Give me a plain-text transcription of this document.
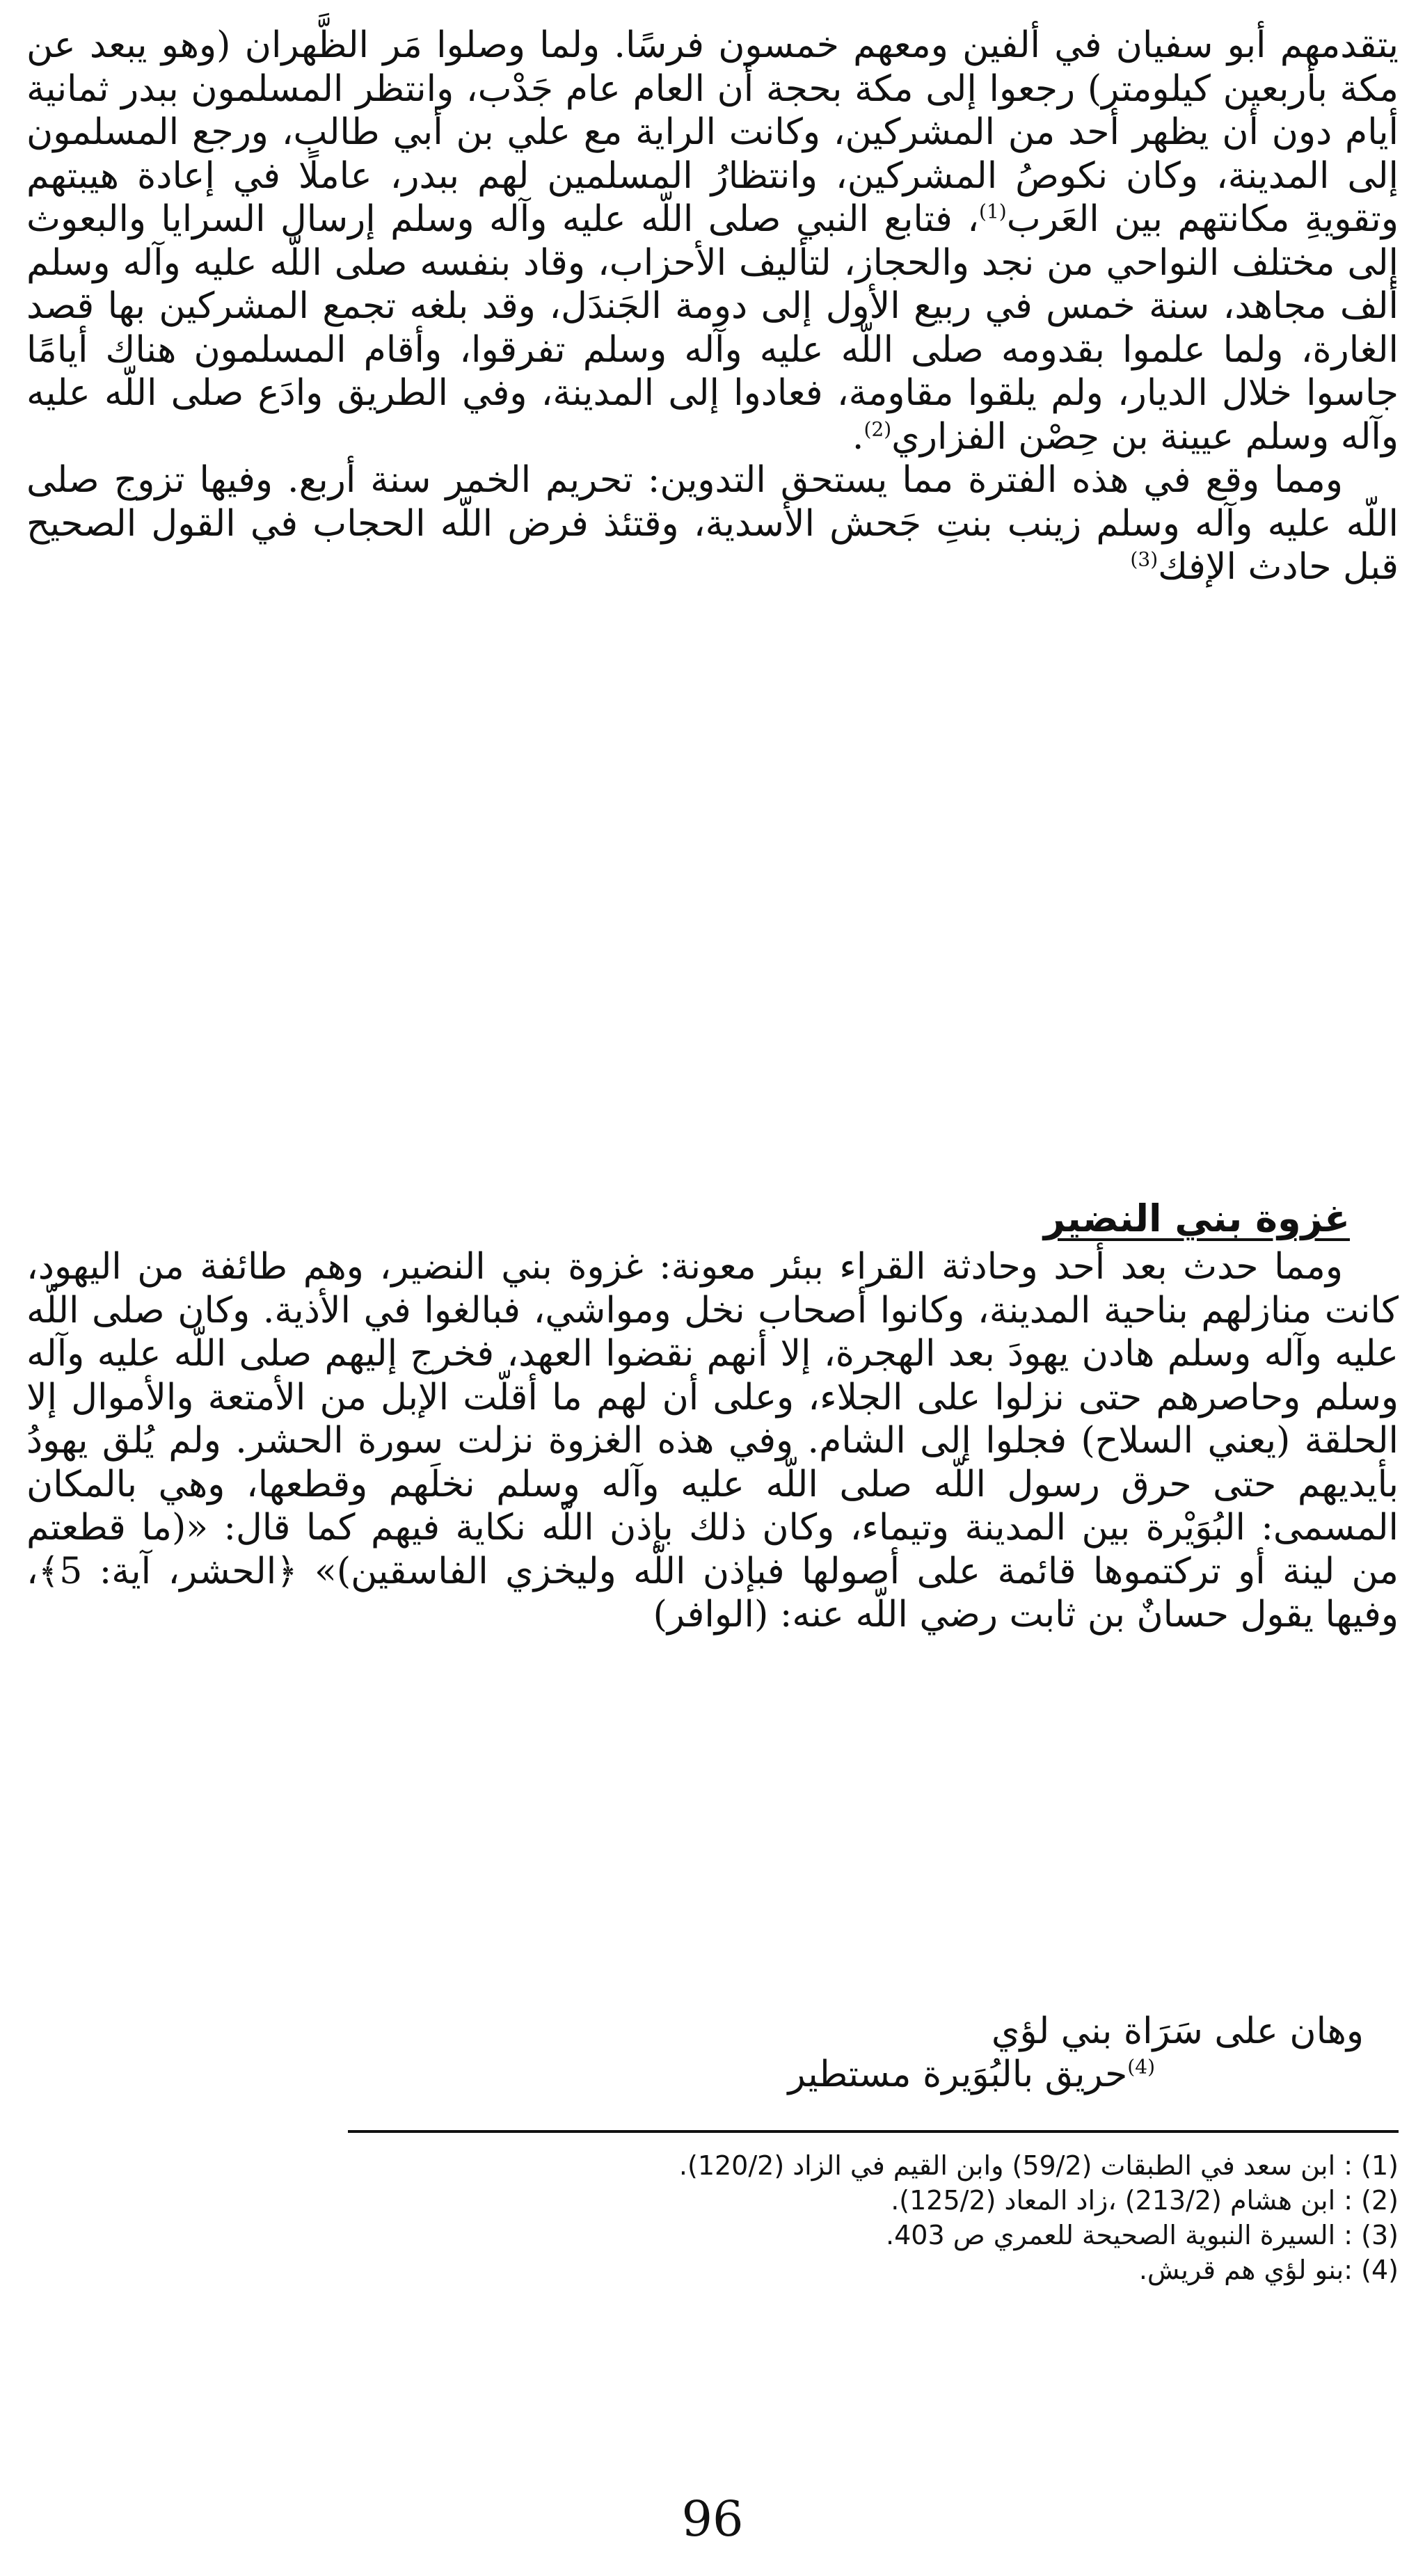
يتقدمهم أبو سفيان في ألفين ومعهم خمسون فرسًا. ولما وصلوا مَر الظَّهران (وهو يبعد عن مكة بأربعين كيلومتر) رجعوا إلى مكة بحجة أن العام عام جَدْب، وانتظر المسلمون ببدر ثمانية أيام دون أن يظهر أحد من المشركين، وكانت الراية مع علي بن أبي طالب، ورجع المسلمون إلى المدينة، وكان نكوصُ المشركين، وانتظارُ المسلمين لهم ببدر، عاملًا في إعادة هيبتهم وتقويةِ مكانتهم بين العَرب$^{(1)}$، فتابع النبي صلى اللّه عليه وآله وسلم إرسال السرايا والبعوث إلى مختلف النواحي من نجد والحجاز، لتأليف الأحزاب، وقاد بنفسه صلى اللّه عليه وآله وسلم ألف مجاهد، سنة خمس في ربيع الأول إلى دومة الجَندَل، وقد بلغه تجمع المشركين بها قصد الغارة، ولما علموا بقدومه صلى اللّه عليه وآله وسلم تفرقوا، وأقام المسلمون هناك أيامًا جاسوا خلال الديار، ولم يلقوا مقاومة، فعادوا إلى المدينة، وفي الطريق وادَع صلى اللّه عليه وآله وسلم عيينة بن حِصْن الفزاري$^{(2)}$.

ومما وقع في هذه الفترة مما يستحق التدوين: تحريم الخمر سنة أربع. وفيها تزوج صلى اللّه عليه وآله وسلم زينب بنتِ جَحش الأسدية، وقتئذ فرض اللّه الحجاب في القول الصحيح قبل حادث الإفك$^{(3)}$

غزوة بني النضير

ومما حدث بعد أحد وحادثة القراء ببئر معونة: غزوة بني النضير، وهم طائفة من اليهود، كانت منازلهم بناحية المدينة، وكانوا أصحاب نخل ومواشي، فبالغوا في الأذية. وكان صلى اللّه عليه وآله وسلم هادن يهودَ بعد الهجرة، إلا أنهم نقضوا العهد، فخرج إليهم صلى اللّه عليه وآله وسلم وحاصرهم حتى نزلوا على الجلاء، وعلى أن لهم ما أقلّت الإبل من الأمتعة والأموال إلا الحلقة (يعني السلاح) فجلوا إلى الشام. وفي هذه الغزوة نزلت سورة الحشر. ولم يُلق يهودُ بأيديهم حتى حرق رسول اللّه صلى اللّه عليه وآله وسلم نخلَهم وقطعها، وهي بالمكان المسمى: البُوَيْرة بين المدينة وتيماء، وكان ذلك بإذن اللّه نكاية فيهم كما قال: «(ما قطعتم من لينة أو تركتموها قائمة على أصولها فبإذن اللّه وليخزي الفاسقين)» ﴿الحشر، آية: 5﴾، وفيها يقول حسانٌ بن ثابت رضي اللّه عنه: (الوافر)

وهان على سَرَاة بني لؤي
$^{(4)}$حريق بالبُوَيرة مستطير

(1) : ابن سعد في الطبقات (59/2) وابن القيم في الزاد (120/2).

(2) : ابن هشام (213/2) ،زاد المعاد (125/2).

(3) : السيرة النبوية الصحيحة للعمري ص 403.

(4) :بنو لؤي هم قريش.

96
